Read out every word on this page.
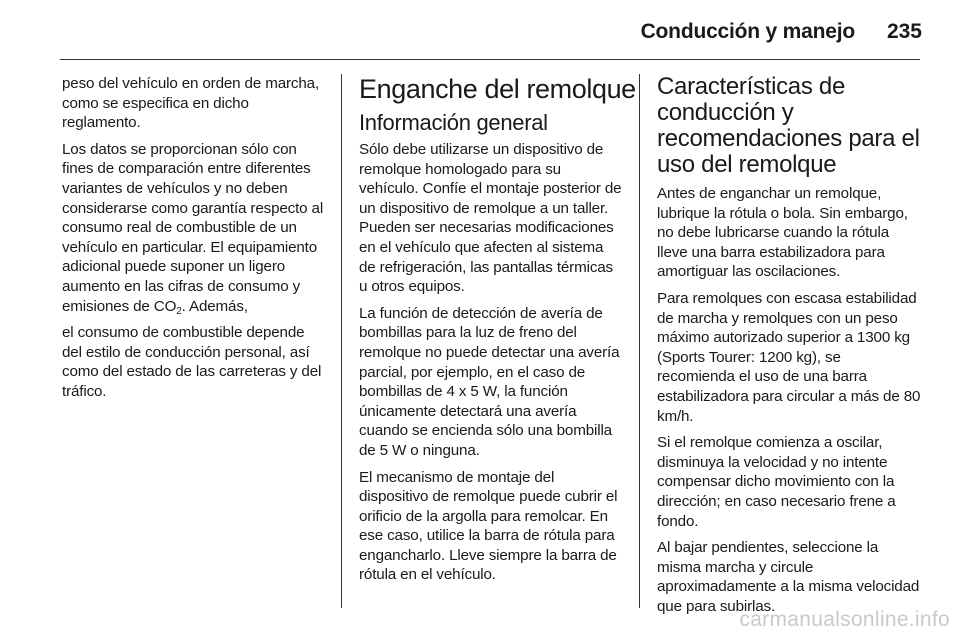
Conducción y manejo	235

peso del vehículo en orden de marcha, como se especifica en dicho reglamento.

Los datos se proporcionan sólo con fines de comparación entre diferentes variantes de vehículos y no deben considerarse como garantía respecto al consumo real de combustible de un vehículo en particular. El equipamiento adicional puede suponer un ligero aumento en las cifras de consumo y emisiones de $CO_2$. Además,

el consumo de combustible depende del estilo de conducción personal, así como del estado de las carreteras y del tráfico.

Enganche del remolque
Información general

Sólo debe utilizarse un dispositivo de remolque homologado para su vehículo. Confíe el montaje posterior de un dispositivo de remolque a un taller. Pueden ser necesarias modificaciones en el vehículo que afecten al sistema de refrigeración, las pantallas térmicas u otros equipos.

La función de detección de avería de bombillas para la luz de freno del remolque no puede detectar una avería parcial, por ejemplo, en el caso de bombillas de 4 x 5 W, la función únicamente detectará una avería cuando se encienda sólo una bombilla de 5 W o ninguna.

El mecanismo de montaje del dispositivo de remolque puede cubrir el orificio de la argolla para remolcar. En ese caso, utilice la barra de rótula para engancharlo. Lleve siempre la barra de rótula en el vehículo.

Características de
conducción y
recomendaciones para el
uso del remolque

Antes de enganchar un remolque, lubrique la rótula o bola. Sin embargo, no debe lubricarse cuando la rótula lleve una barra estabilizadora para amortiguar las oscilaciones.

Para remolques con escasa estabilidad de marcha y remolques con un peso máximo autorizado superior a 1300 kg (Sports Tourer: 1200 kg), se recomienda el uso de una barra estabilizadora para circular a más de 80 km/h.

Si el remolque comienza a oscilar, disminuya la velocidad y no intente compensar dicho movimiento con la dirección; en caso necesario frene a fondo.

Al bajar pendientes, seleccione la misma marcha y circule aproximadamente a la misma velocidad que para subirlas.

carmanualsonline.info
